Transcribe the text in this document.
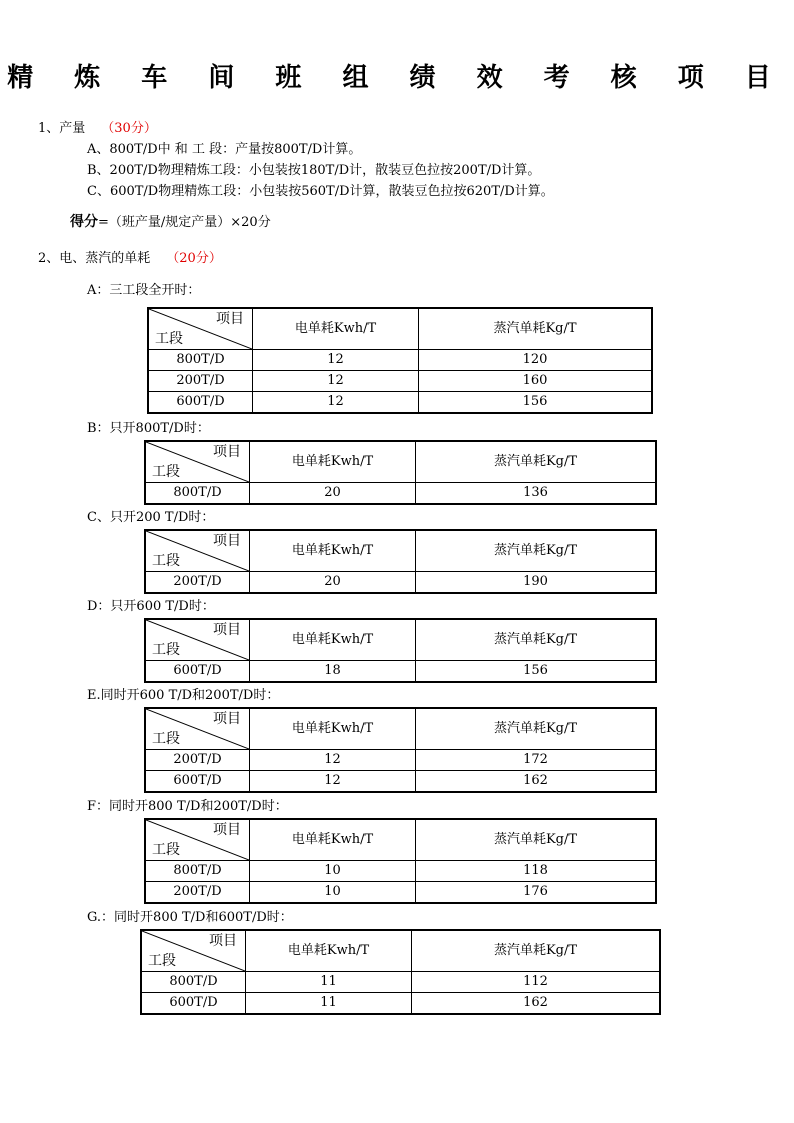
精 炼 车 间 班 组 绩 效 考 核 项 目
1、产量 （30分）
A、800T/D中 和 工 段：产量按800T/D计算。
B、200T/D物理精炼工段：小包装按180T/D计，散装豆色拉按200T/D计算。
C、600T/D物理精炼工段：小包装按560T/D计算，散装豆色拉按620T/D计算。
得分=（班产量/规定产量）×20分
2、电、蒸汽的单耗 （20分）
A：三工段全开时：
项目
工段	电单耗Kwh/T	蒸汽单耗Kg/T
800T/D	12	120
200T/D	12	160
600T/D	12	156
B：只开800T/D时：
项目
工段	电单耗Kwh/T	蒸汽单耗Kg/T
800T/D	20	136
C、只开200 T/D时：
项目
工段	电单耗Kwh/T	蒸汽单耗Kg/T
200T/D	20	190
D：只开600 T/D时：
项目
工段	电单耗Kwh/T	蒸汽单耗Kg/T
600T/D	18	156
E.同时开600 T/D和200T/D时：
项目
工段	电单耗Kwh/T	蒸汽单耗Kg/T
200T/D	12	172
600T/D	12	162
F：同时开800 T/D和200T/D时：
项目
工段	电单耗Kwh/T	蒸汽单耗Kg/T
800T/D	10	118
200T/D	10	176
G.：同时开800 T/D和600T/D时：
项目
工段	电单耗Kwh/T	蒸汽单耗Kg/T
800T/D	11	112
600T/D	11	162
